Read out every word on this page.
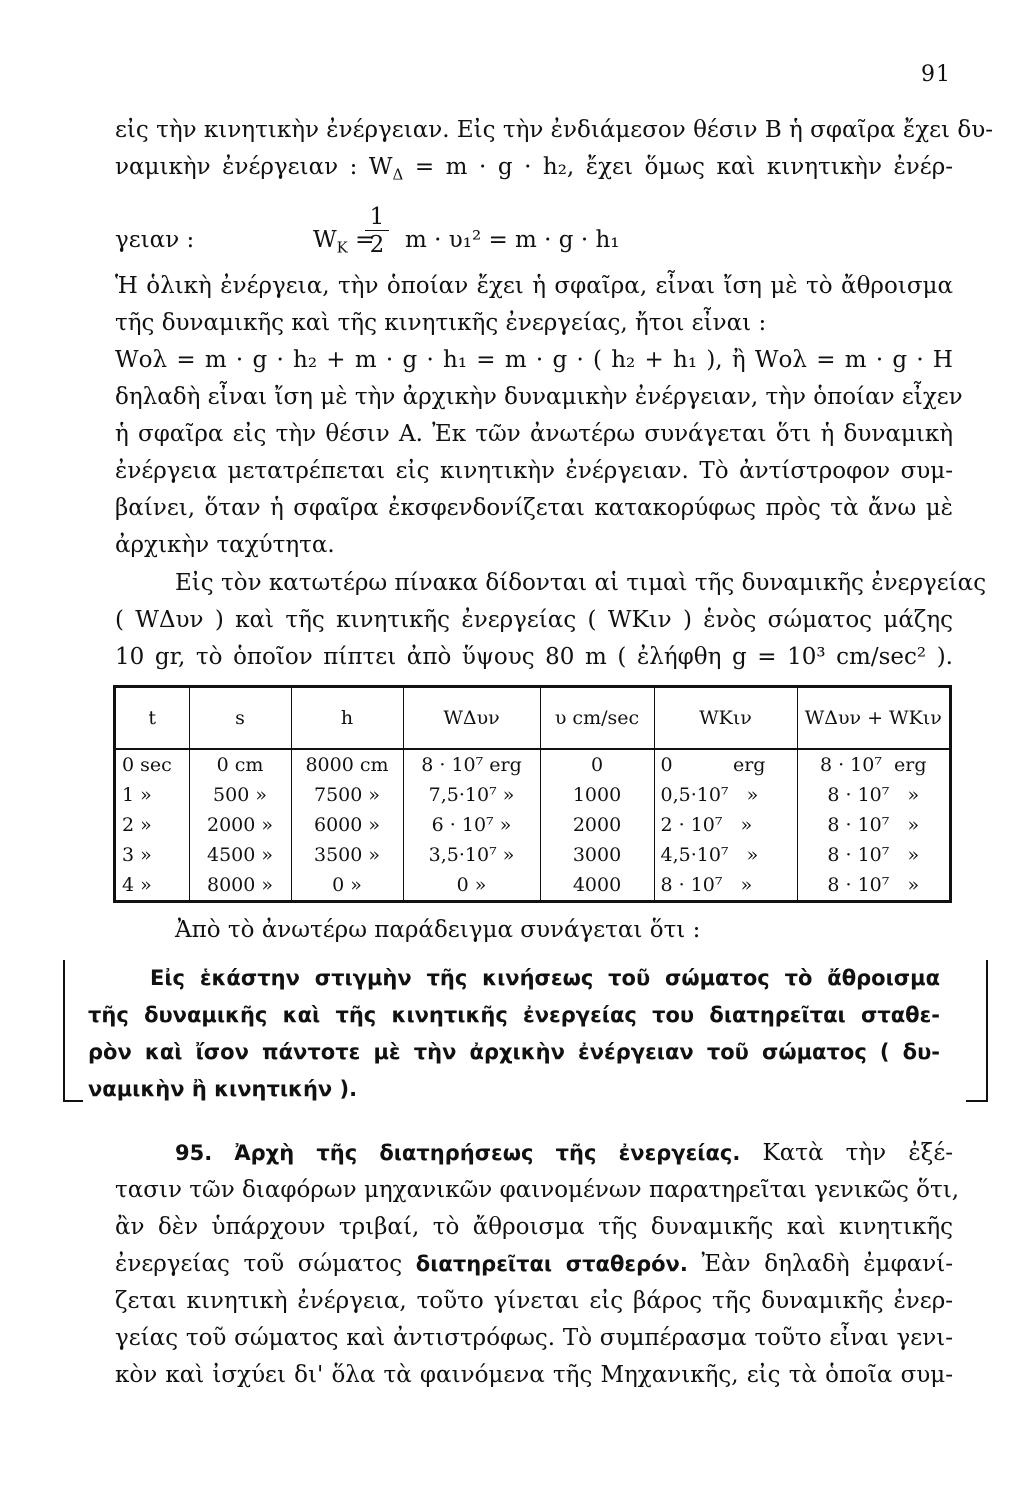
91
εἰς τὴν κινητικὴν ἐνέργειαν. Εἰς τὴν ἐνδιάμεσον θέσιν Β ἡ σφαῖρα ἔχει δυ-
ναμικὴν ἐνέργειαν : $W_\Delta = m \cdot g \cdot h_2$, ἔχει ὅμως καὶ κινητικὴν ἐνέρ-
γειαν :	$W_K$ =
$\frac{1}{2}$ m · υ₁² = m · g · h₁
Ἡ ὁλικὴ ἐνέργεια, τὴν ὁποίαν ἔχει ἡ σφαῖρα, εἶναι ἴση μὲ τὸ ἄθροισμα
τῆς δυναμικῆς καὶ τῆς κινητικῆς ἐνεργείας, ἤτοι εἶναι :
Wολ = m · g · h₂ + m · g · h₁ = m · g · ( h₂ + h₁ ), ἢ Wολ = m · g · H
δηλαδὴ εἶναι ἴση μὲ τὴν ἀρχικὴν δυναμικὴν ἐνέργειαν, τὴν ὁποίαν εἶχεν
ἡ σφαῖρα εἰς τὴν θέσιν Α. Ἐκ τῶν ἀνωτέρω συνάγεται ὅτι ἡ δυναμικὴ
ἐνέργεια μετατρέπεται εἰς κινητικὴν ἐνέργειαν. Τὸ ἀντίστροφον συμ-
βαίνει, ὅταν ἡ σφαῖρα ἐκσφενδονίζεται κατακορύφως πρὸς τὰ ἄνω μὲ
ἀρχικὴν ταχύτητα.
Εἰς τὸν κατωτέρω πίνακα δίδονται αἱ τιμαὶ τῆς δυναμικῆς ἐνεργείας
( WΔυν ) καὶ τῆς κινητικῆς ἐνεργείας ( WΚιν ) ἑνὸς σώματος μάζης
10 gr, τὸ ὁποῖον πίπτει ἀπὸ ὕψους 80 m ( ἐλήφθη g = 10³ cm/sec² ).
t	s	h	WΔυν	υ cm/sec	WΚιν	WΔυν + WΚιν
0 sec	0 cm	8000 cm	8 · 10⁷ erg	0	0          erg	8 · 10⁷  erg
1 »	500 »	7500 »	7,5·10⁷ »	1000	0,5·10⁷   »	8 · 10⁷   »
2 »	2000 »	6000 »	6 · 10⁷ »	2000	2 · 10⁷   »	8 · 10⁷   »
3 »	4500 »	3500 »	3,5·10⁷ »	3000	4,5·10⁷   »	8 · 10⁷   »
4 »	8000 »	0 »	0 »	4000	8 · 10⁷   »	8 · 10⁷   »
Ἀπὸ τὸ ἀνωτέρω παράδειγμα συνάγεται ὅτι :
Εἰς ἑκάστην στιγμὴν τῆς κινήσεως τοῦ σώματος τὸ ἄθροισμα
τῆς δυναμικῆς καὶ τῆς κινητικῆς ἐνεργείας του διατηρεῖται σταθε-
ρὸν καὶ ἴσον πάντοτε μὲ τὴν ἀρχικὴν ἐνέργειαν τοῦ σώματος ( δυ-
ναμικὴν ἢ κινητικήν ).
95. Ἀρχὴ τῆς διατηρήσεως τῆς ἐνεργείας. Κατὰ τὴν ἐξέ-
τασιν τῶν διαφόρων μηχανικῶν φαινομένων παρατηρεῖται γενικῶς ὅτι,
ἂν δὲν ὑπάρχουν τριβαί, τὸ ἄθροισμα τῆς δυναμικῆς καὶ κινητικῆς
ἐνεργείας τοῦ σώματος διατηρεῖται σταθερόν. Ἐὰν δηλαδὴ ἐμφανί-
ζεται κινητικὴ ἐνέργεια, τοῦτο γίνεται εἰς βάρος τῆς δυναμικῆς ἐνερ-
γείας τοῦ σώματος καὶ ἀντιστρόφως. Τὸ συμπέρασμα τοῦτο εἶναι γενι-
κὸν καὶ ἰσχύει δι' ὅλα τὰ φαινόμενα τῆς Μηχανικῆς, εἰς τὰ ὁποῖα συμ-
